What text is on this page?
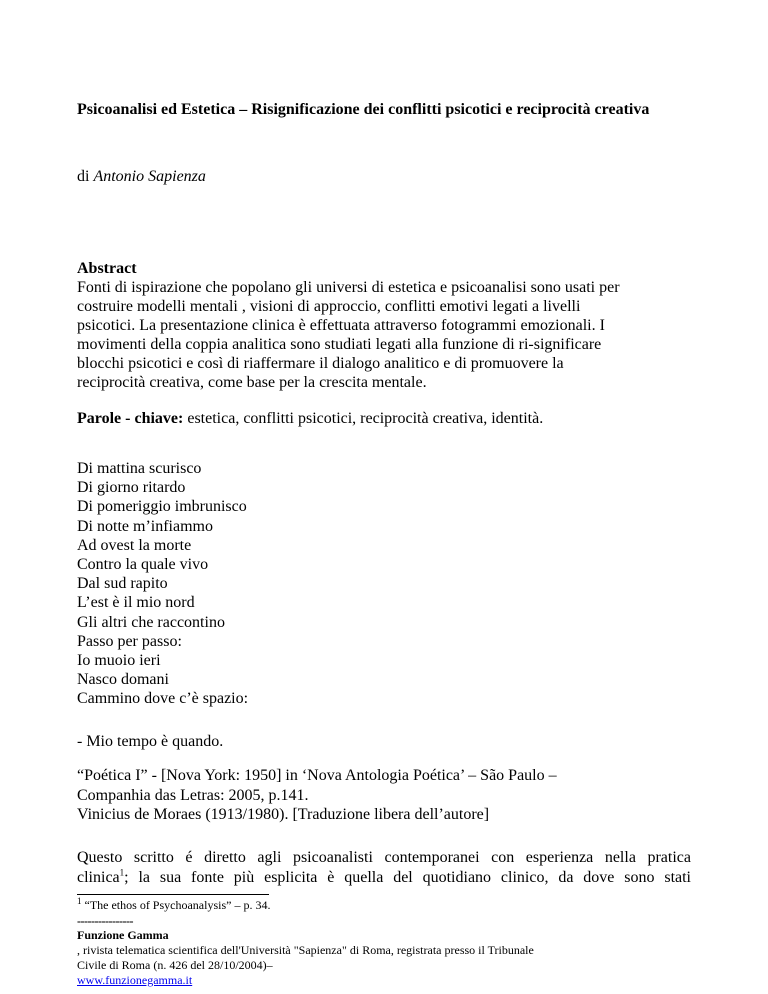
Psicoanalisi ed Estetica – Risignificazione dei conflitti psicotici e reciprocità creativa
di Antonio Sapienza
Abstract
Fonti di ispirazione che popolano gli universi di estetica e psicoanalisi sono usati per
costruire modelli mentali , visioni di approccio, conflitti emotivi legati a livelli
psicotici. La presentazione clinica è effettuata attraverso fotogrammi emozionali. I
movimenti della coppia analitica sono studiati legati alla funzione di ri-significare
blocchi psicotici e così di riaffermare il dialogo analitico e di promuovere la
reciprocità creativa, come base per la crescita mentale.
Parole - chiave: estetica, conflitti psicotici, reciprocità creativa, identità.
Di mattina scurisco
Di giorno ritardo
Di pomeriggio imbrunisco
Di notte m’infiammo
Ad ovest la morte
Contro la quale vivo
Dal sud rapito
L’est è il mio nord
Gli altri che raccontino
Passo per passo:
Io muoio ieri
Nasco domani
Cammino dove c’è spazio:
- Mio tempo è quando.
“Poética I” - [Nova York: 1950] in ‘Nova Antologia Poética’ – São Paulo –
Companhia das Letras: 2005, p.141.
Vinicius de Moraes (1913/1980). [Traduzione libera dell’autore]
Questo scritto é diretto agli psicoanalisti contemporanei con esperienza nella pratica
clinica$^1$; la sua fonte più esplicita è quella del quotidiano clinico, da dove sono stati
$^1$ “The ethos of Psychoanalysis” – p. 34.
----------------
Funzione Gamma
, rivista telematica scientifica dell'Università "Sapienza" di Roma, registrata presso il Tribunale
Civile di Roma (n. 426 del 28/10/2004)–
www.funzionegamma.it
